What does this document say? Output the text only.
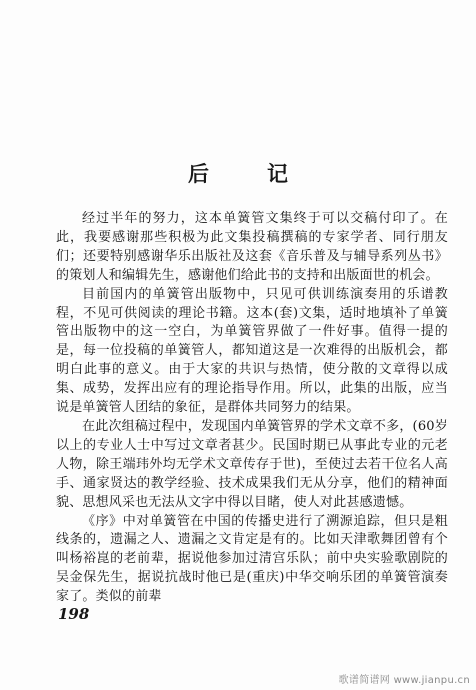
后	记

经过半年的努力，这本单簧管文集终于可以交稿付印了。在此，我要感谢那些积极为此文集投稿撰稿的专家学者、同行朋友们；还要特别感谢华乐出版社及这套《音乐普及与辅导系列丛书》的策划人和编辑先生，感谢他们给此书的支持和出版面世的机会。

目前国内的单簧管出版物中，只见可供训练演奏用的乐谱教程，不见可供阅读的理论书籍。这本(套)文集，适时地填补了单簧管出版物中的这一空白，为单簧管界做了一件好事。值得一提的是，每一位投稿的单簧管人，都知道这是一次难得的出版机会，都明白此事的意义。由于大家的共识与热情，使分散的文章得以成集、成势，发挥出应有的理论指导作用。所以，此集的出版，应当说是单簧管人团结的象征，是群体共同努力的结果。

在此次组稿过程中，发现国内单簧管界的学术文章不多，(60岁以上的专业人士中写过文章者甚少。民国时期已从事此专业的元老人物，除王端玮外均无学术文章传存于世)，至使过去若干位名人高手、通家贤达的教学经验、技术成果我们无从分享，他们的精神面貌、思想风采也无法从文字中得以目睹，使人对此甚感遗憾。

《序》中对单簧管在中国的传播史进行了溯源追踪，但只是粗线条的，遗漏之人、遗漏之文肯定是有的。比如天津歌舞团曾有个叫杨裕崑的老前辈，据说他参加过清宫乐队；前中央实验歌剧院的吴金保先生，据说抗战时他已是(重庆)中华交响乐团的单簧管演奏家了。类似的前辈

198
歌谱简谱网 www.jianpu.cn
